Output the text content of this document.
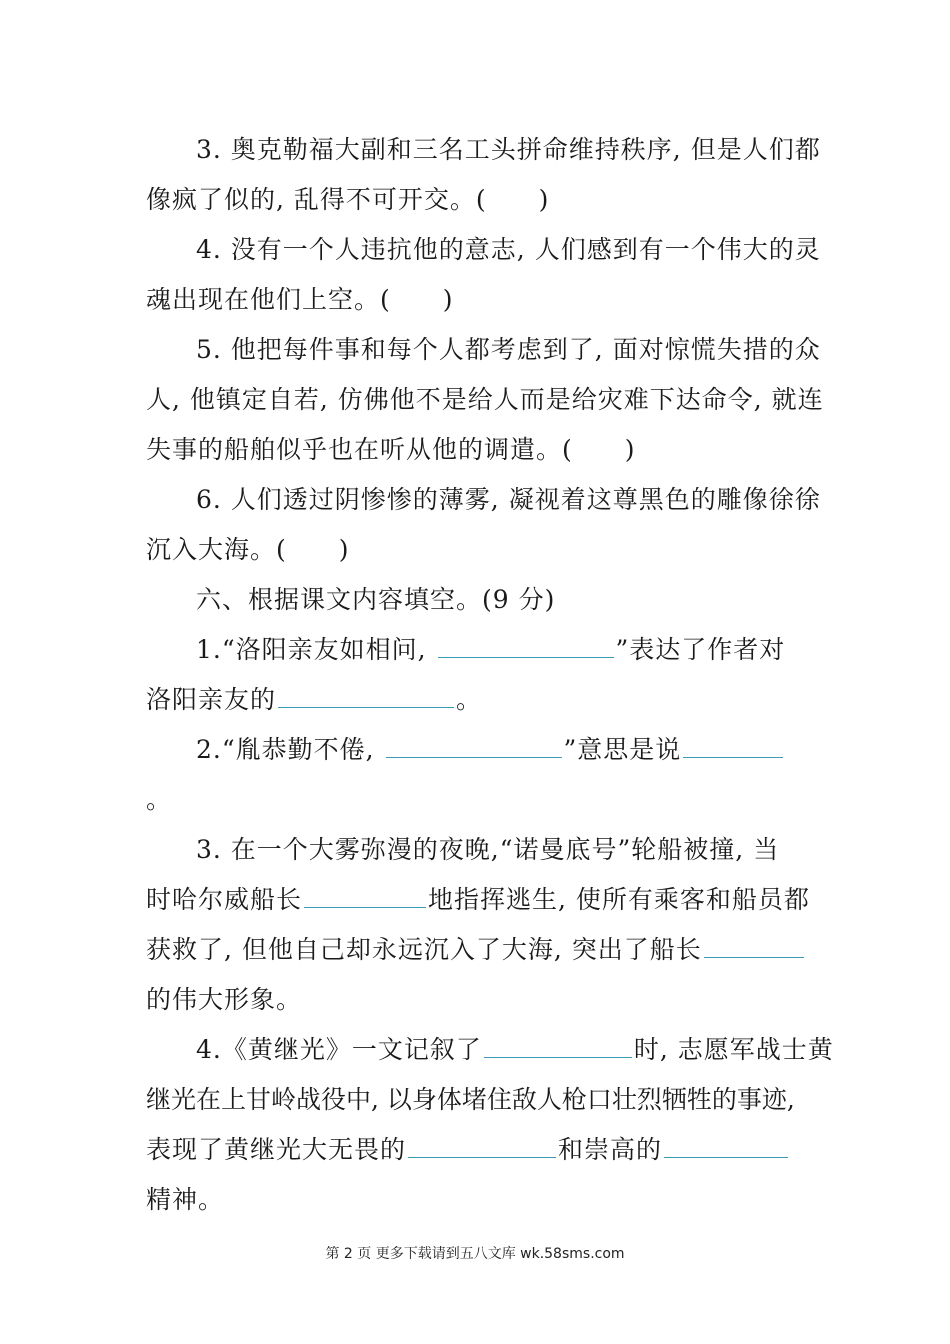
3. 奥克勒福大副和三名工头拼命维持秩序, 但是人们都
像疯了似的, 乱得不可开交。(　　)
4. 没有一个人违抗他的意志, 人们感到有一个伟大的灵
魂出现在他们上空。(　　)
5. 他把每件事和每个人都考虑到了, 面对惊慌失措的众
人, 他镇定自若, 仿佛他不是给人而是给灾难下达命令, 就连
失事的船舶似乎也在听从他的调遣。(　　)
6. 人们透过阴惨惨的薄雾, 凝视着这尊黑色的雕像徐徐
沉入大海。(　　)
六、根据课文内容填空。(9 分)
1.“洛阳亲友如相问,	”表达了作者对
洛阳亲友的	。
2.“胤恭勤不倦,	”意思是说
。
3. 在一个大雾弥漫的夜晚,“诺曼底号”轮船被撞, 当
时哈尔威船长	地指挥逃生, 使所有乘客和船员都
获救了, 但他自己却永远沉入了大海, 突出了船长
的伟大形象。
4.《黄继光》一文记叙了	时, 志愿军战士黄
继光在上甘岭战役中, 以身体堵住敌人枪口壮烈牺牲的事迹,
表现了黄继光大无畏的	和崇高的
精神。
第 2 页 更多下载请到五八文库 wk.58sms.com
